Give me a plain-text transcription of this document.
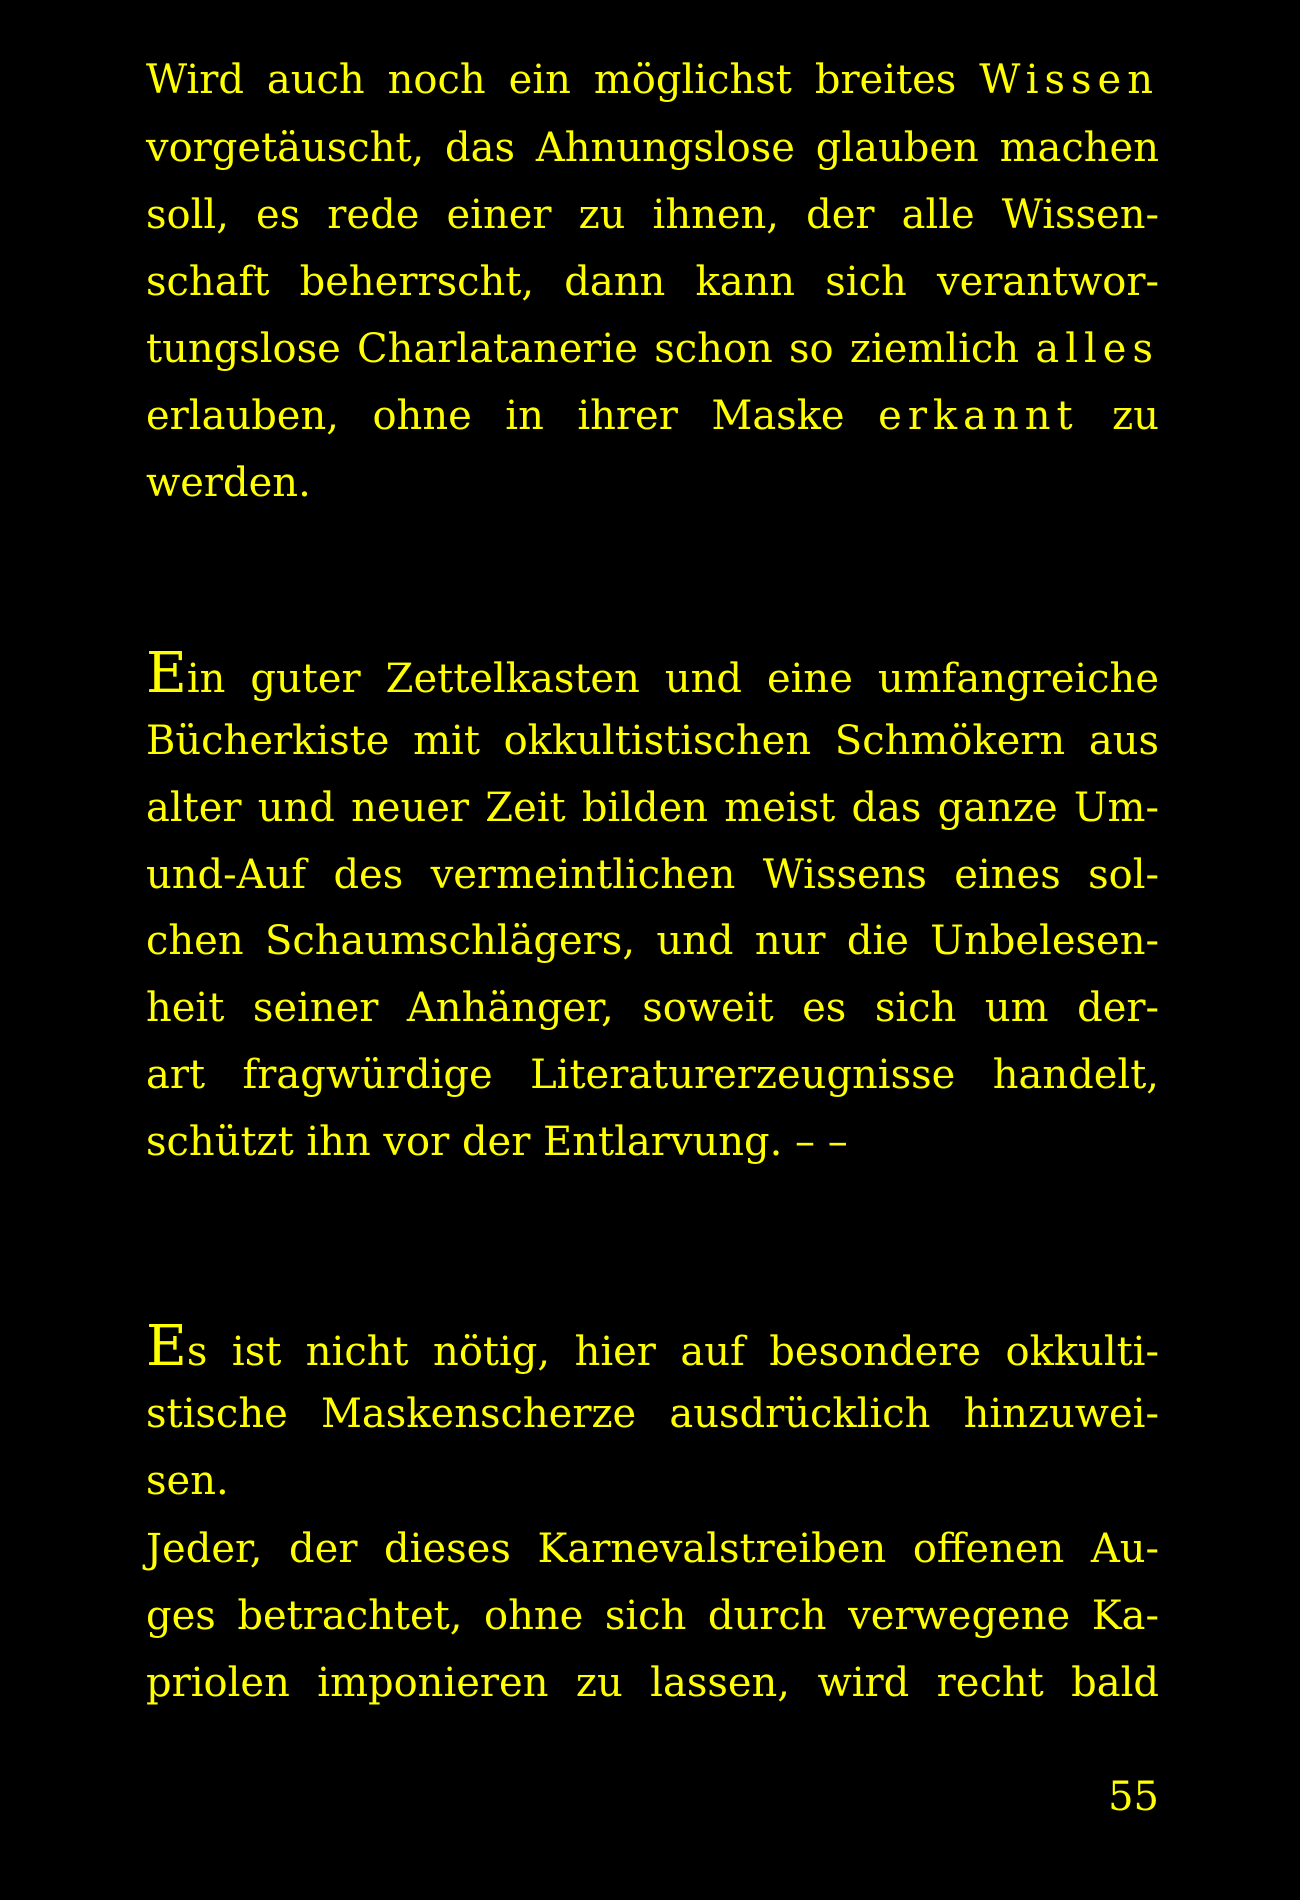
Wird auch noch ein möglichst breites Wissen
vorgetäuscht, das Ahnungslose glauben machen
soll, es rede einer zu ihnen, der alle Wissen-
schaft beherrscht, dann kann sich verantwor-
tungslose Charlatanerie schon so ziemlich alles
erlauben, ohne in ihrer Maske erkannt zu
werden.
Ein guter Zettelkasten und eine umfangreiche
Bücherkiste mit okkultistischen Schmökern aus
alter und neuer Zeit bilden meist das ganze Um-
und-Auf des vermeintlichen Wissens eines sol-
chen Schaumschlägers, und nur die Unbelesen-
heit seiner Anhänger, soweit es sich um der-
art fragwürdige Literaturerzeugnisse handelt,
schützt ihn vor der Entlarvung. – –
Es ist nicht nötig, hier auf besondere okkulti-
stische Maskenscherze ausdrücklich hinzuwei-
sen.
Jeder, der dieses Karnevalstreiben offenen Au-
ges betrachtet, ohne sich durch verwegene Ka-
priolen imponieren zu lassen, wird recht bald
55
